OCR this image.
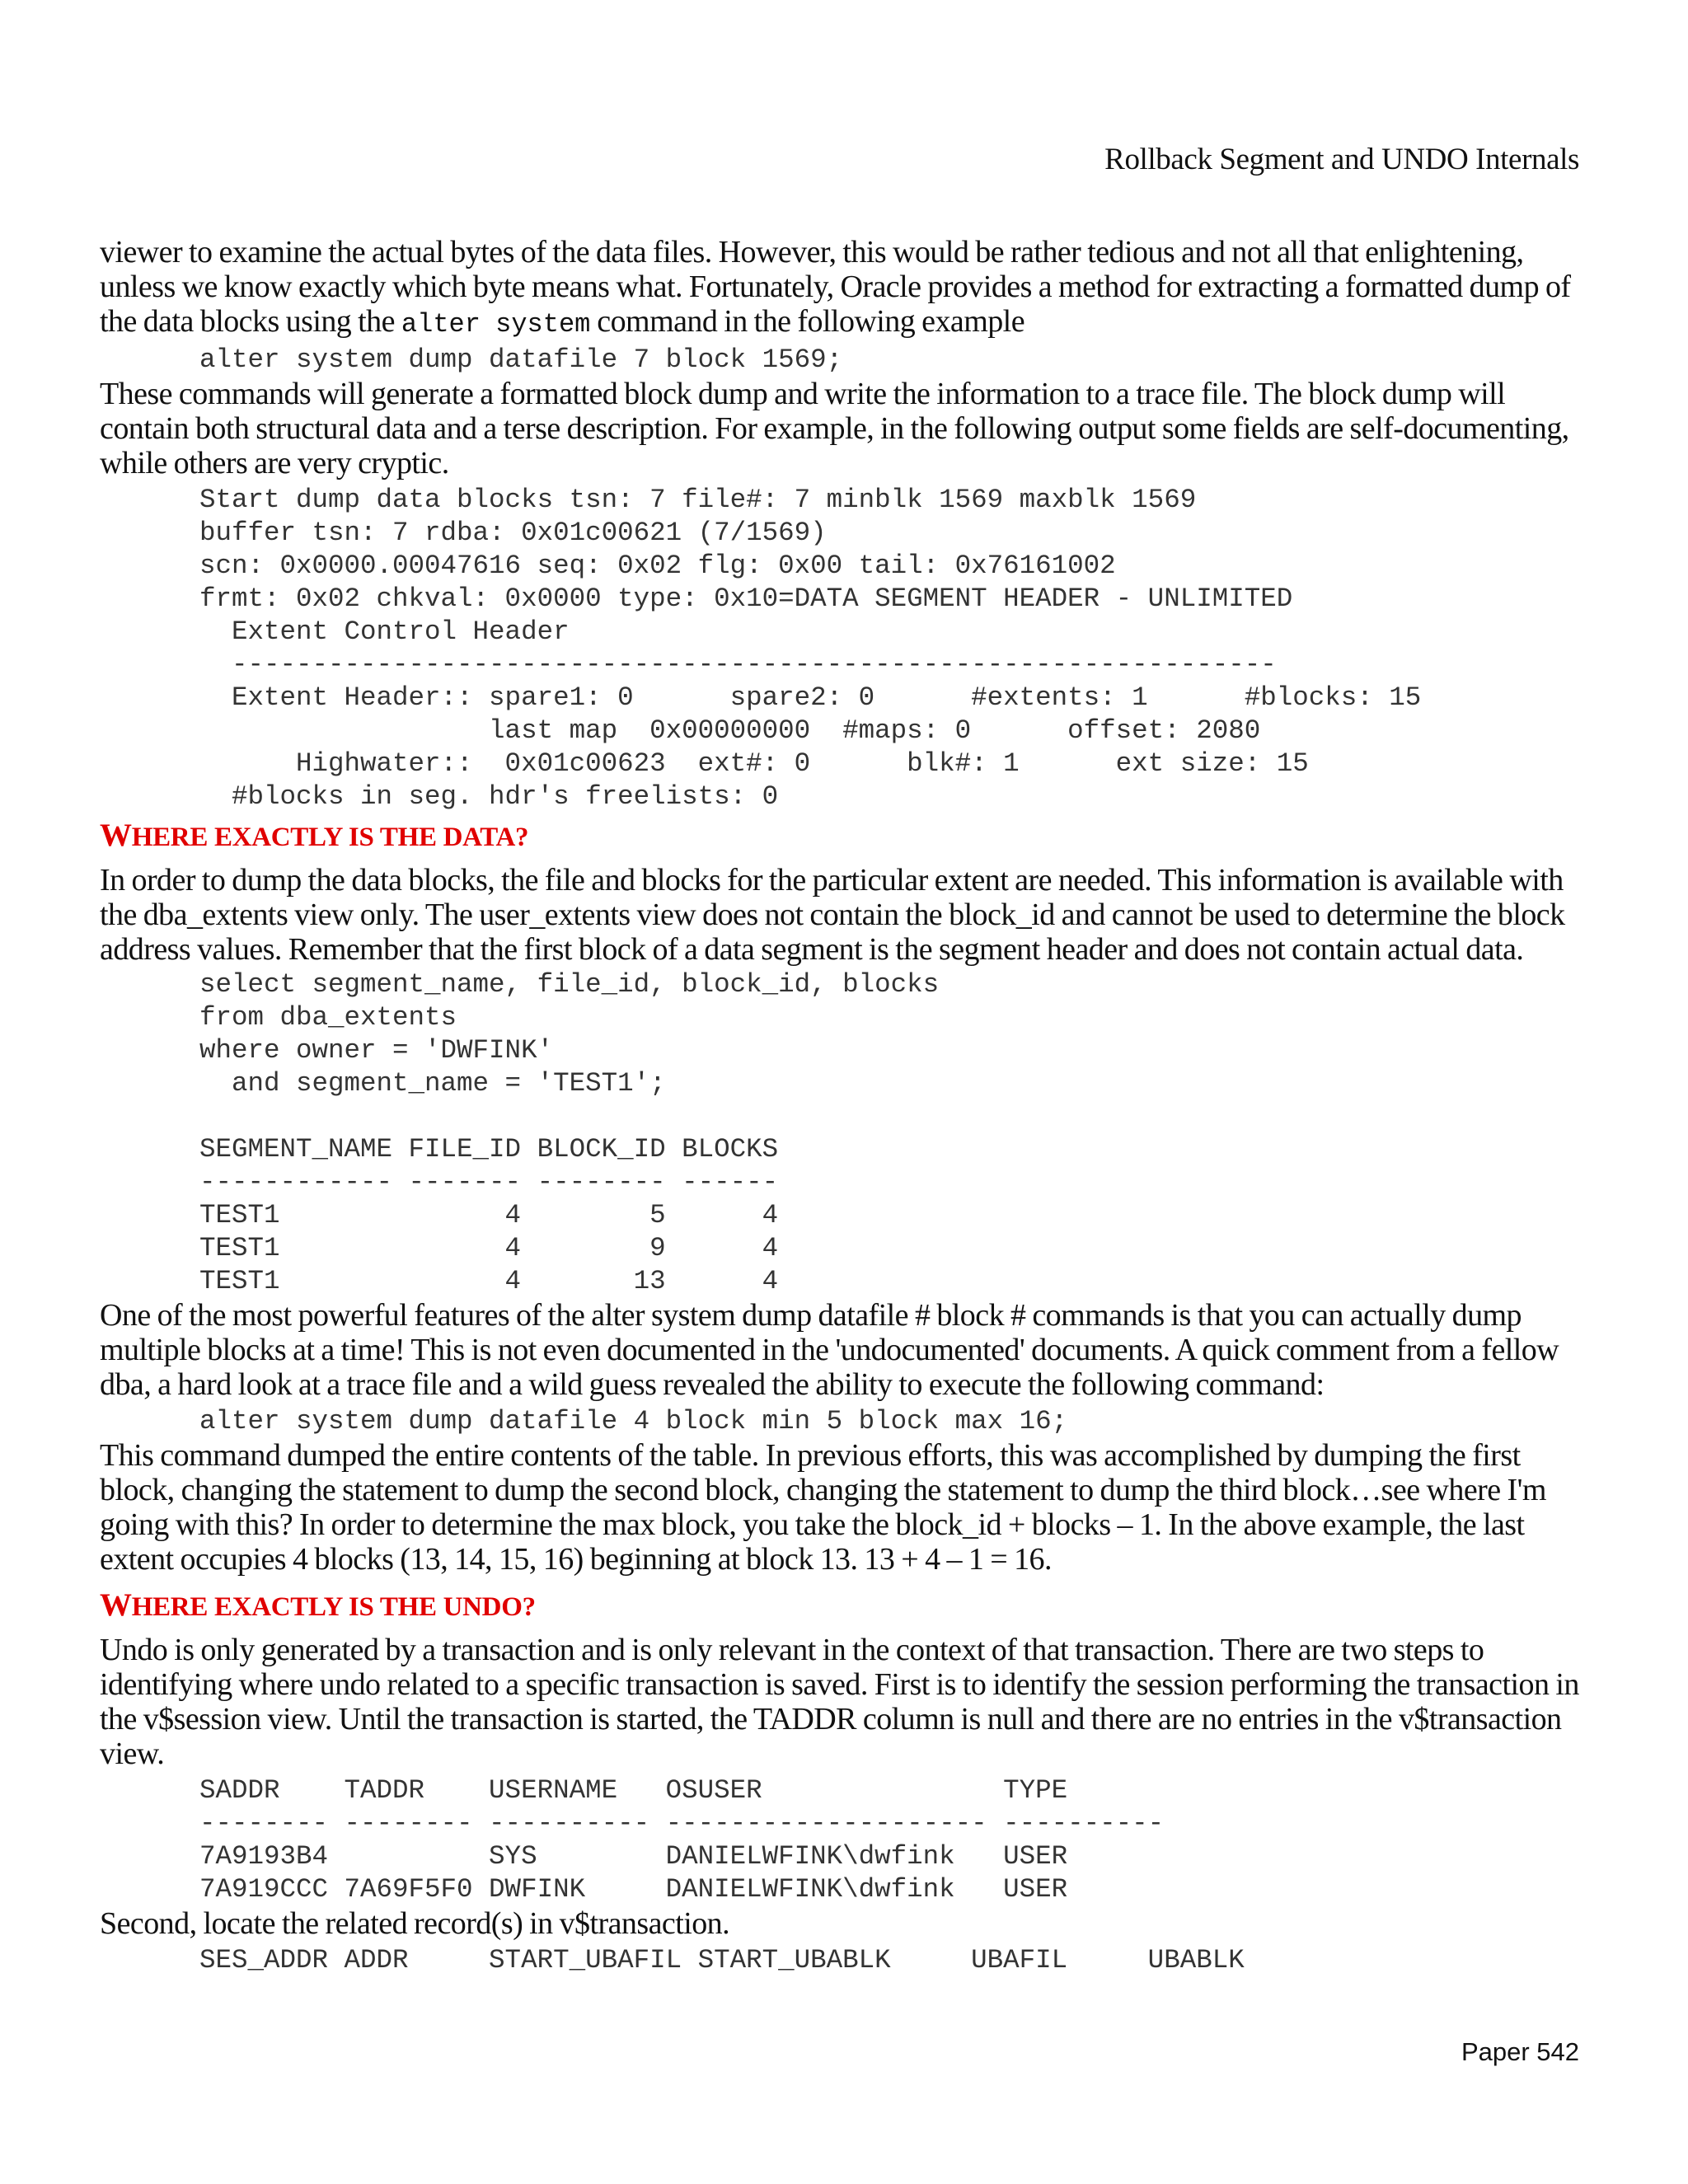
Rollback Segment and UNDO Internals

viewer to examine the actual bytes of the data files. However, this would be rather tedious and not all that enlightening, unless we know exactly which byte means what. Fortunately, Oracle provides a method for extracting a formatted dump of the data blocks using the alter system command in the following example

alter system dump datafile 7 block 1569;

These commands will generate a formatted block dump and write the information to a trace file. The block dump will contain both structural data and a terse description. For example, in the following output some fields are self-documenting, while others are very cryptic.

Start dump data blocks tsn: 7 file#: 7 minblk 1569 maxblk 1569
buffer tsn: 7 rdba: 0x01c00621 (7/1569)
scn: 0x0000.00047616 seq: 0x02 flg: 0x00 tail: 0x76161002
frmt: 0x02 chkval: 0x0000 type: 0x10=DATA SEGMENT HEADER - UNLIMITED
Extent Control Header
-----------------------------------------------------------------
Extent Header:: spare1: 0      spare2: 0      #extents: 1      #blocks: 15
last map  0x00000000  #maps: 0      offset: 2080
Highwater::  0x01c00623  ext#: 0      blk#: 1      ext size: 15
#blocks in seg. hdr's freelists: 0
WHERE EXACTLY IS THE DATA?

In order to dump the data blocks, the file and blocks for the particular extent are needed. This information is available with the dba_extents view only. The user_extents view does not contain the block_id and cannot be used to determine the block address values. Remember that the first block of a data segment is the segment header and does not contain actual data.

select segment_name, file_id, block_id, blocks
from dba_extents
where owner = 'DWFINK'
and segment_name = 'TEST1';

SEGMENT_NAME FILE_ID BLOCK_ID BLOCKS
------------ ------- -------- ------
TEST1              4        5      4
TEST1              4        9      4
TEST1              4       13      4

One of the most powerful features of the alter system dump datafile # block # commands is that you can actually dump multiple blocks at a time! This is not even documented in the 'undocumented' documents. A quick comment from a fellow dba, a hard look at a trace file and a wild guess revealed the ability to execute the following command:

alter system dump datafile 4 block min 5 block max 16;

This command dumped the entire contents of the table. In previous efforts, this was accomplished by dumping the first block, changing the statement to dump the second block, changing the statement to dump the third block…see where I'm going with this? In order to determine the max block, you take the block_id + blocks – 1. In the above example, the last extent occupies 4 blocks (13, 14, 15, 16) beginning at block 13. 13 + 4 – 1 = 16.

WHERE EXACTLY IS THE UNDO?

Undo is only generated by a transaction and is only relevant in the context of that transaction. There are two steps to identifying where undo related to a specific transaction is saved. First is to identify the session performing the transaction in the v$session view. Until the transaction is started, the TADDR column is null and there are no entries in the v$transaction view.

SADDR    TADDR    USERNAME   OSUSER               TYPE
-------- -------- ---------- -------------------- ----------
7A9193B4          SYS        DANIELWFINK\dwfink   USER
7A919CCC 7A69F5F0 DWFINK     DANIELWFINK\dwfink   USER

Second, locate the related record(s) in v$transaction.

SES_ADDR ADDR     START_UBAFIL START_UBABLK     UBAFIL     UBABLK
Paper 542
